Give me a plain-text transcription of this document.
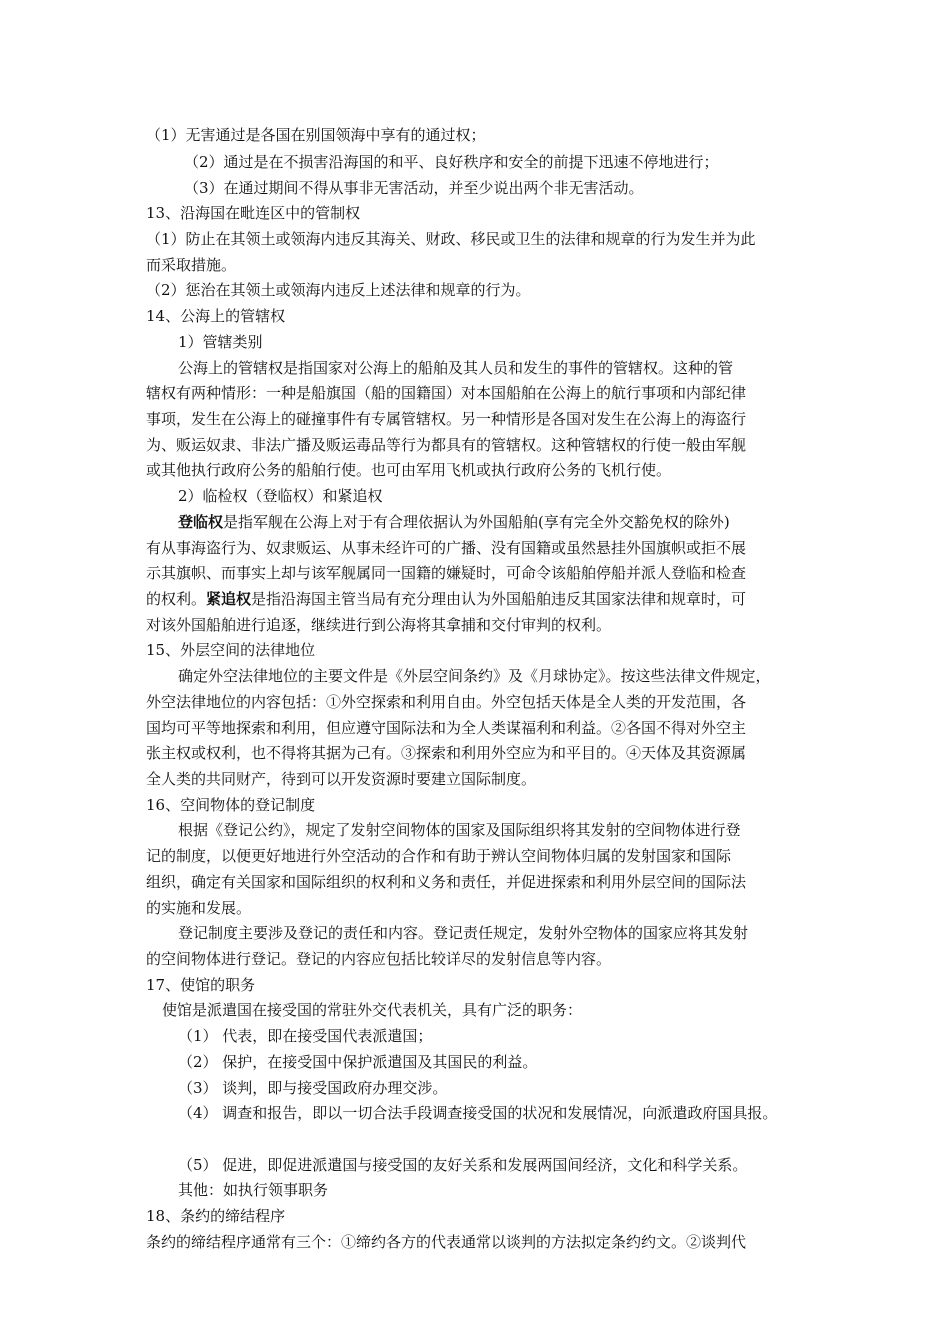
（1）无害通过是各国在别国领海中享有的通过权；
（2）通过是在不损害沿海国的和平、良好秩序和安全的前提下迅速不停地进行；
（3）在通过期间不得从事非无害活动，并至少说出两个非无害活动。
13、沿海国在毗连区中的管制权
（1）防止在其领土或领海内违反其海关、财政、移民或卫生的法律和规章的行为发生并为此
而采取措施。
（2）惩治在其领土或领海内违反上述法律和规章的行为。
14、公海上的管辖权
1）管辖类别
公海上的管辖权是指国家对公海上的船舶及其人员和发生的事件的管辖权。这种的管
辖权有两种情形：一种是船旗国（船的国籍国）对本国船舶在公海上的航行事项和内部纪律
事项，发生在公海上的碰撞事件有专属管辖权。另一种情形是各国对发生在公海上的海盗行
为、贩运奴隶、非法广播及贩运毒品等行为都具有的管辖权。这种管辖权的行使一般由军舰
或其他执行政府公务的船舶行使。也可由军用飞机或执行政府公务的飞机行使。
2）临检权（登临权）和紧追权
登临权是指军舰在公海上对于有合理依据认为外国船舶(享有完全外交豁免权的除外)
有从事海盗行为、奴隶贩运、从事未经许可的广播、没有国籍或虽然悬挂外国旗帜或拒不展
示其旗帜、而事实上却与该军舰属同一国籍的嫌疑时，可命令该船舶停船并派人登临和检查
的权利。紧追权是指沿海国主管当局有充分理由认为外国船舶违反其国家法律和规章时，可
对该外国船舶进行追逐，继续进行到公海将其拿捕和交付审判的权利。
15、外层空间的法律地位
确定外空法律地位的主要文件是《外层空间条约》及《月球协定》。按这些法律文件规定，
外空法律地位的内容包括：①外空探索和利用自由。外空包括天体是全人类的开发范围，各
国均可平等地探索和利用，但应遵守国际法和为全人类谋福利和利益。②各国不得对外空主
张主权或权利，也不得将其据为己有。③探索和利用外空应为和平目的。④天体及其资源属
全人类的共同财产，待到可以开发资源时要建立国际制度。
16、空间物体的登记制度
根据《登记公约》，规定了发射空间物体的国家及国际组织将其发射的空间物体进行登
记的制度，以便更好地进行外空活动的合作和有助于辨认空间物体归属的发射国家和国际
组织，确定有关国家和国际组织的权利和义务和责任，并促进探索和利用外层空间的国际法
的实施和发展。
登记制度主要涉及登记的责任和内容。登记责任规定，发射外空物体的国家应将其发射
的空间物体进行登记。登记的内容应包括比较详尽的发射信息等内容。
17、使馆的职务
使馆是派遣国在接受国的常驻外交代表机关，具有广泛的职务：
（1） 代表，即在接受国代表派遣国；
（2） 保护，在接受国中保护派遣国及其国民的利益。
（3） 谈判，即与接受国政府办理交涉。
（4） 调查和报告，即以一切合法手段调查接受国的状况和发展情况，向派遣政府国具报。
（5） 促进，即促进派遣国与接受国的友好关系和发展两国间经济，文化和科学关系。
其他：如执行领事职务
18、条约的缔结程序
条约的缔结程序通常有三个：①缔约各方的代表通常以谈判的方法拟定条约约文。②谈判代
